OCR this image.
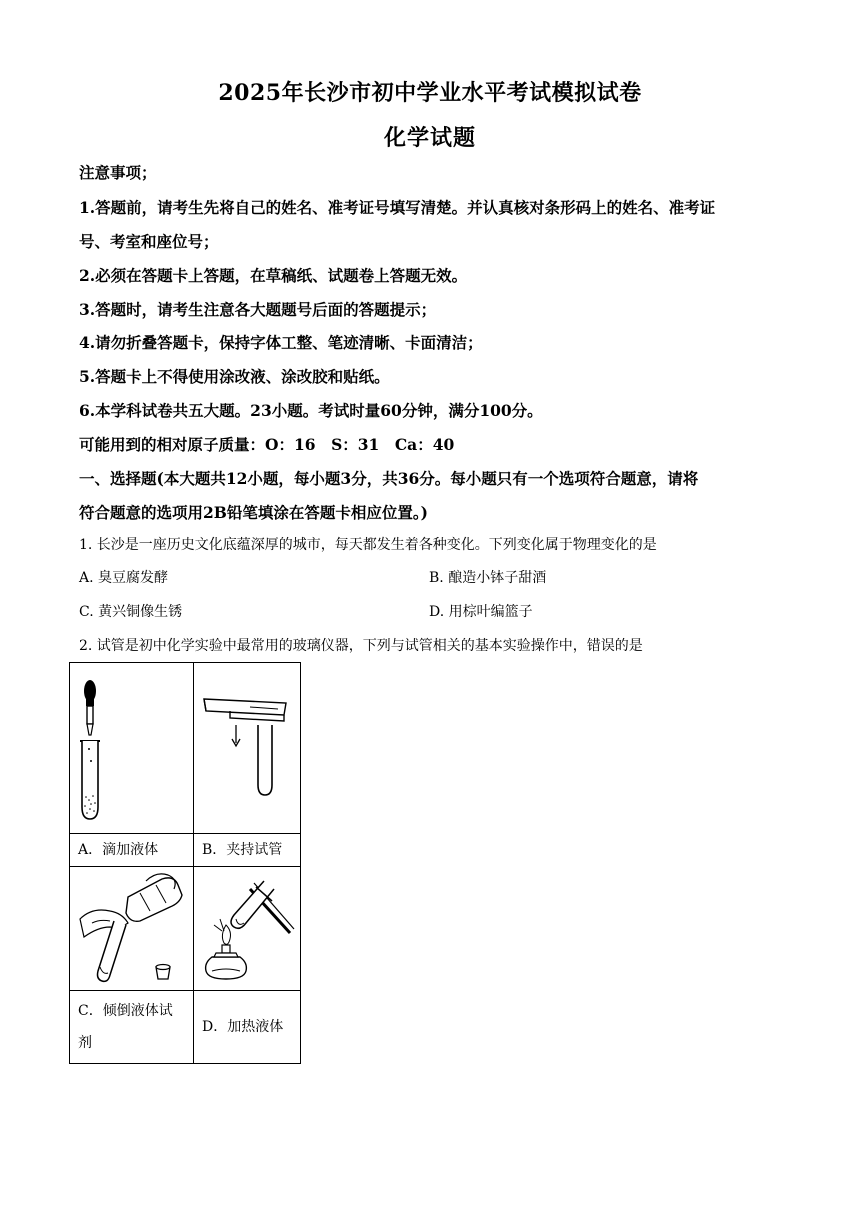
2025年长沙市初中学业水平考试模拟试卷
化学试题
注意事项；
1.答题前，请考生先将自己的姓名、准考证号填写清楚。并认真核对条形码上的姓名、准考证
号、考室和座位号；
2.必须在答题卡上答题，在草稿纸、试题卷上答题无效。
3.答题时，请考生注意各大题题号后面的答题提示；
4.请勿折叠答题卡，保持字体工整、笔迹清晰、卡面清洁；
5.答题卡上不得使用涂改液、涂改胶和贴纸。
6.本学科试卷共五大题。23小题。考试时量60分钟，满分100分。
可能用到的相对原子质量：O：16　S：31　Ca：40
一、选择题(本大题共12小题，每小题3分，共36分。每小题只有一个选项符合题意，请将
符合题意的选项用2B铅笔填涂在答题卡相应位置。)
1. 长沙是一座历史文化底蕴深厚的城市，每天都发生着各种变化。下列变化属于物理变化的是
A. 臭豆腐发酵	B. 酿造小钵子甜酒
C. 黄兴铜像生锈	D. 用棕叶编篮子
2. 试管是初中化学实验中最常用的玻璃仪器，下列与试管相关的基本实验操作中，错误的是

A．滴加液体	B．夹持试管

C．倾倒液体试
剂	D．加热液体
